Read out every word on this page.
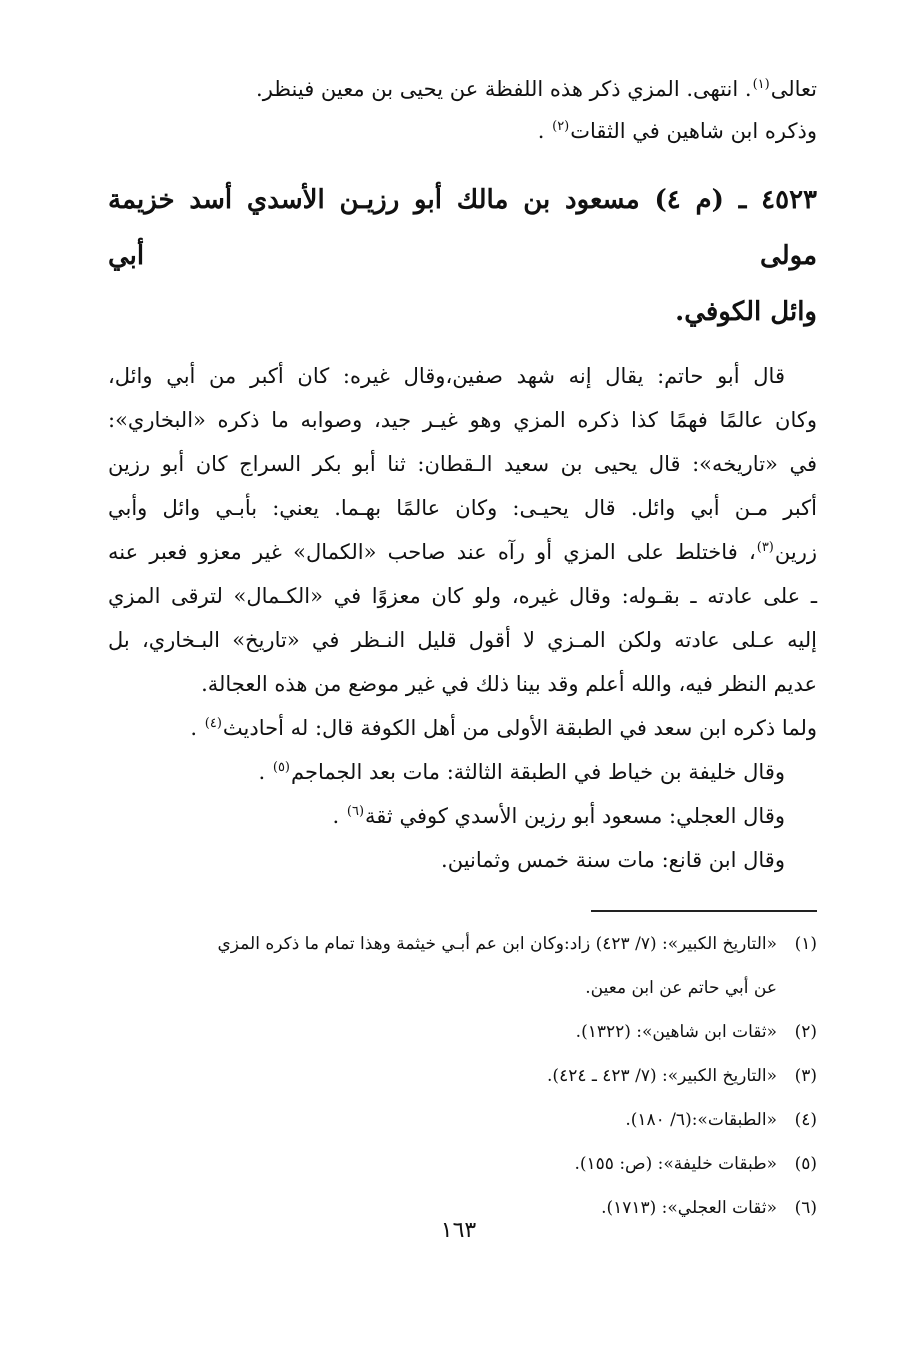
تعالى$^{(١)}$. انتهى. المزي ذكر هذه اللفظة عن يحيى بن معين فينظر.

وذكره ابن شاهين في الثقات$^{(٢)}$ .

٤٥٢٣ ـ (م ٤) مسعود بن مالك أبو رزيـن الأسدي أسد خزيمة مولى أبي
وائل الكوفي.

قال أبو حاتم: يقال إنه شهد صفين،وقال غيره: كان أكبر من أبي وائل،

وكان عالمًا فهمًا كذا ذكره المزي وهو غيـر جيد، وصوابه ما ذكره «البخاري»:

في «تاريخه»: قال يحيى بن سعيد الـقطان: ثنا أبو بكر السراج كان أبو رزين

أكبر مـن أبي وائل. قال يحيـى: وكان عالمًا بهـما. يعني: بأبـي وائل وأبي

زرين$^{(٣)}$، فاختلط على المزي أو رآه عند صاحب «الكمال» غير معزو فعبر عنه

ـ على عادته ـ بقـوله: وقال غيره، ولو كان معزوًا في «الكـمال» لترقى المزي

إليه عـلى عادته ولكن المـزي لا أقول قليل النـظر في «تاريخ» البـخاري، بل

عديم النظر فيه، والله أعلم وقد بينا ذلك في غير موضع من هذه العجالة.

ولما ذكره ابن سعد في الطبقة الأولى من أهل الكوفة قال: له أحاديث$^{(٤)}$ .

وقال خليفة بن خياط في الطبقة الثالثة: مات بعد الجماجم$^{(٥)}$ .

وقال العجلي: مسعود أبو رزين الأسدي كوفي ثقة$^{(٦)}$ .

وقال ابن قانع: مات سنة خمس وثمانين.

(١)«التاريخ الكبير»: (٧/ ٤٢٣) زاد:وكان ابن عم أبـي خيثمة وهذا تمام ما ذكره المزي

عن أبي حاتم عن ابن معين.

(٢)«ثقات ابن شاهين»: (١٣٢٢).

(٣)«التاريخ الكبير»: (٧/ ٤٢٣ ـ ٤٢٤).

(٤)«الطبقات»:(٦/ ١٨٠).

(٥)«طبقات خليفة»: (ص: ١٥٥).

(٦)«ثقات العجلي»: (١٧١٣).

١٦٣
